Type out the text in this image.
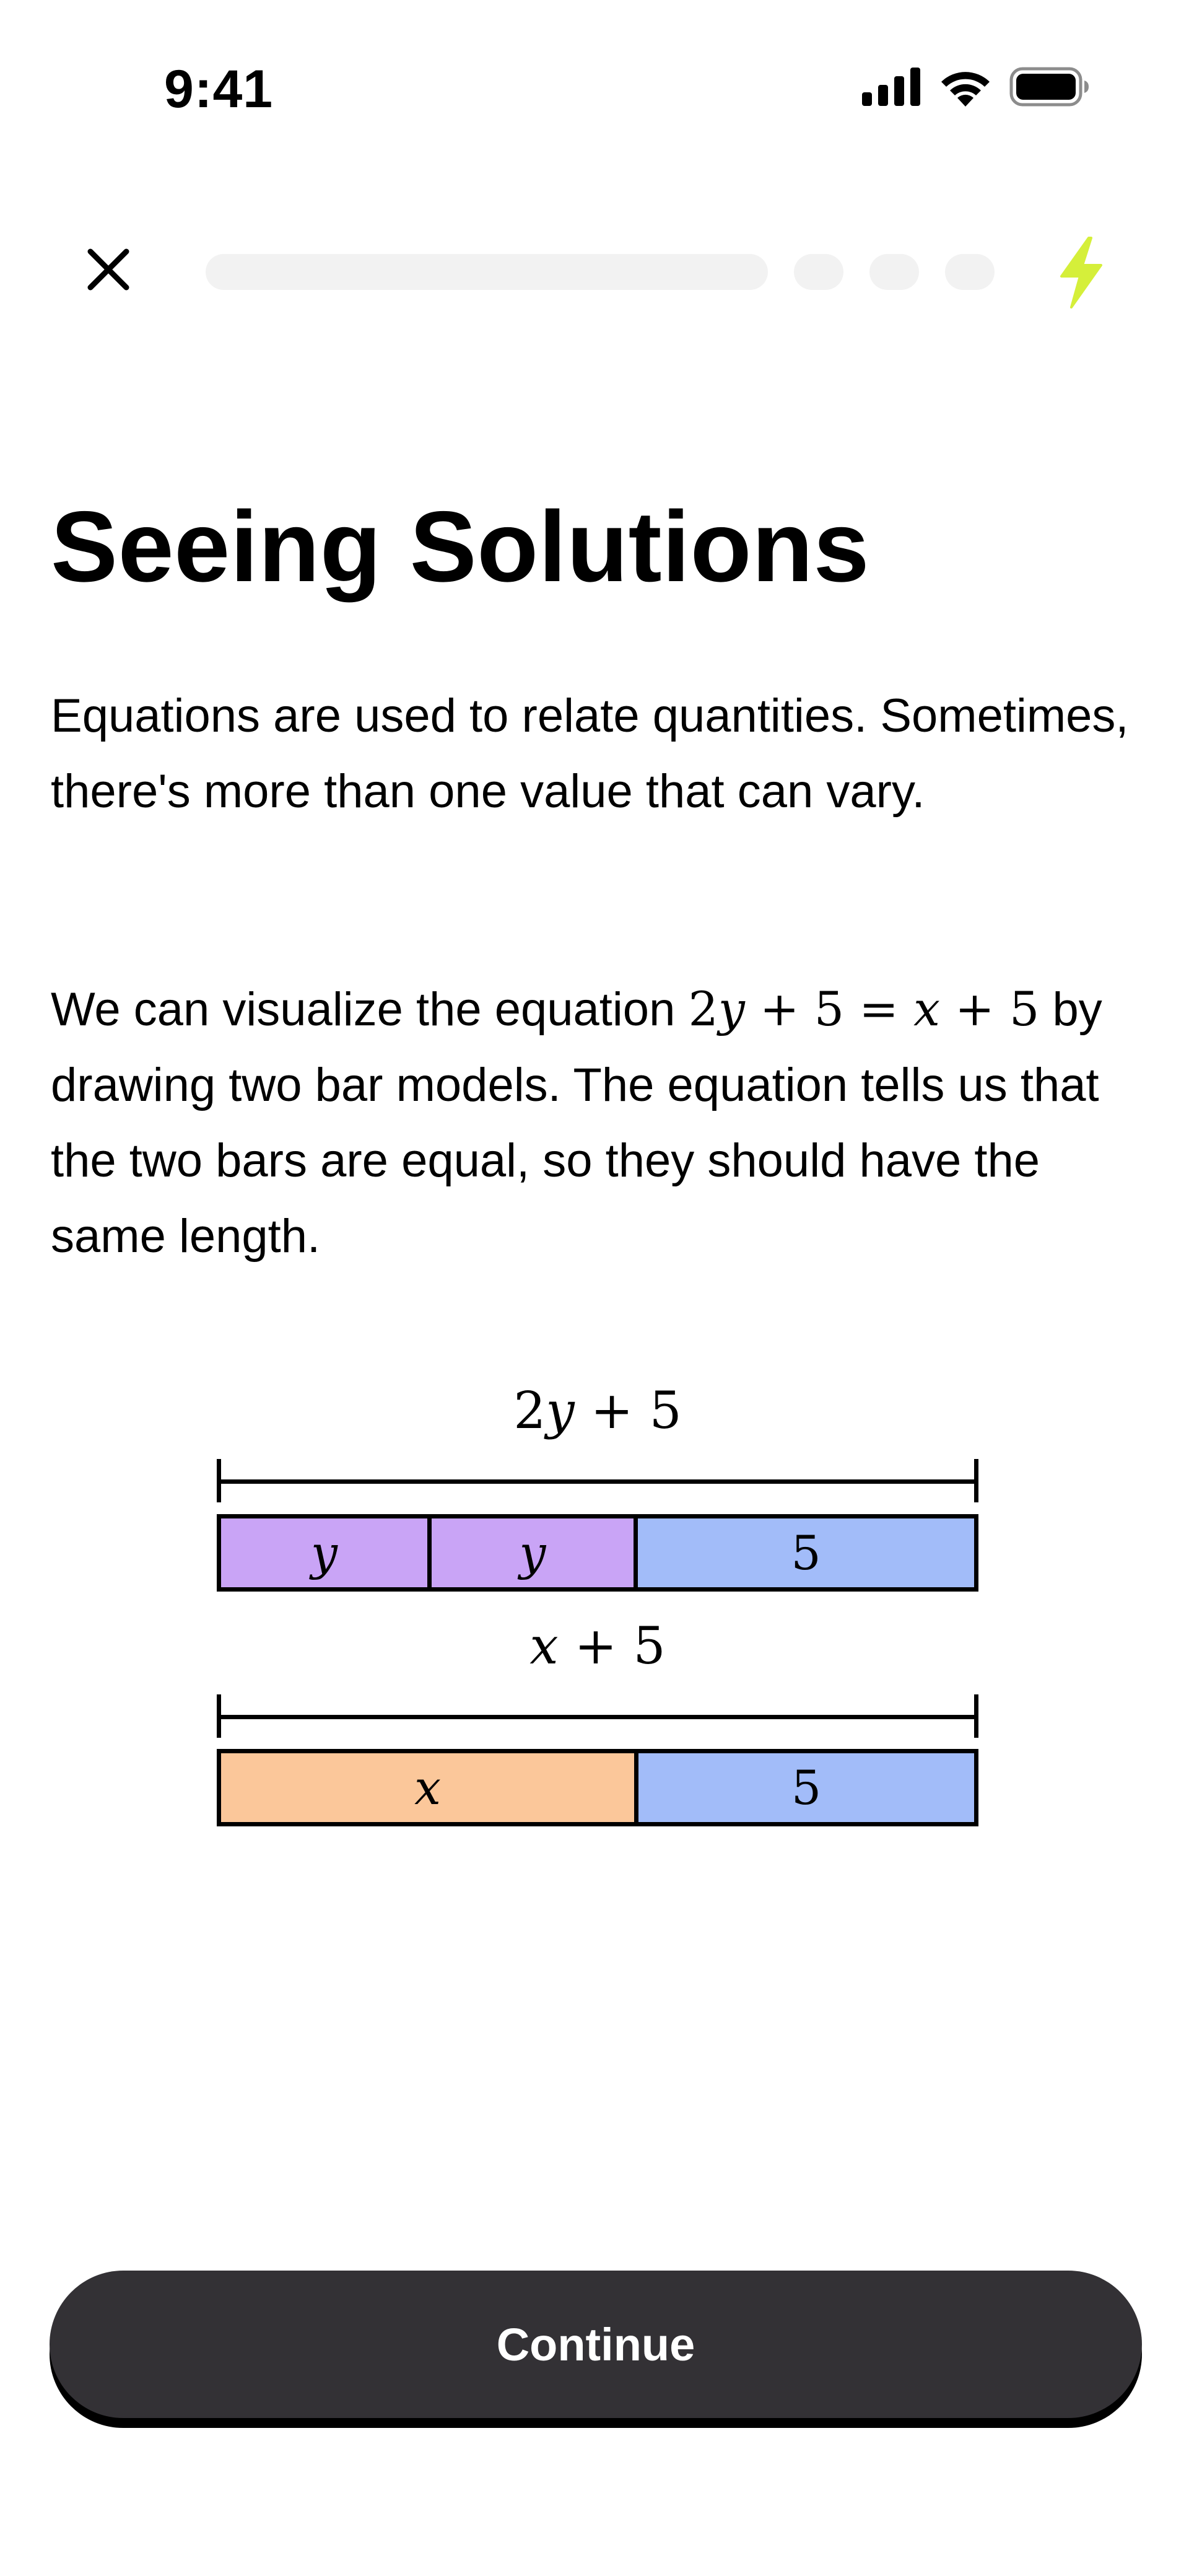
9:41
Seeing Solutions

Equations are used to relate quantities. Sometimes, there's more than one value that can vary.

We can visualize the equation 2y + 5 = x + 5 by drawing two bar models. The equation tells us that the two bars are equal, so they should have the same length.

2y + 5
y	y	5
x + 5
x	5
Continue
